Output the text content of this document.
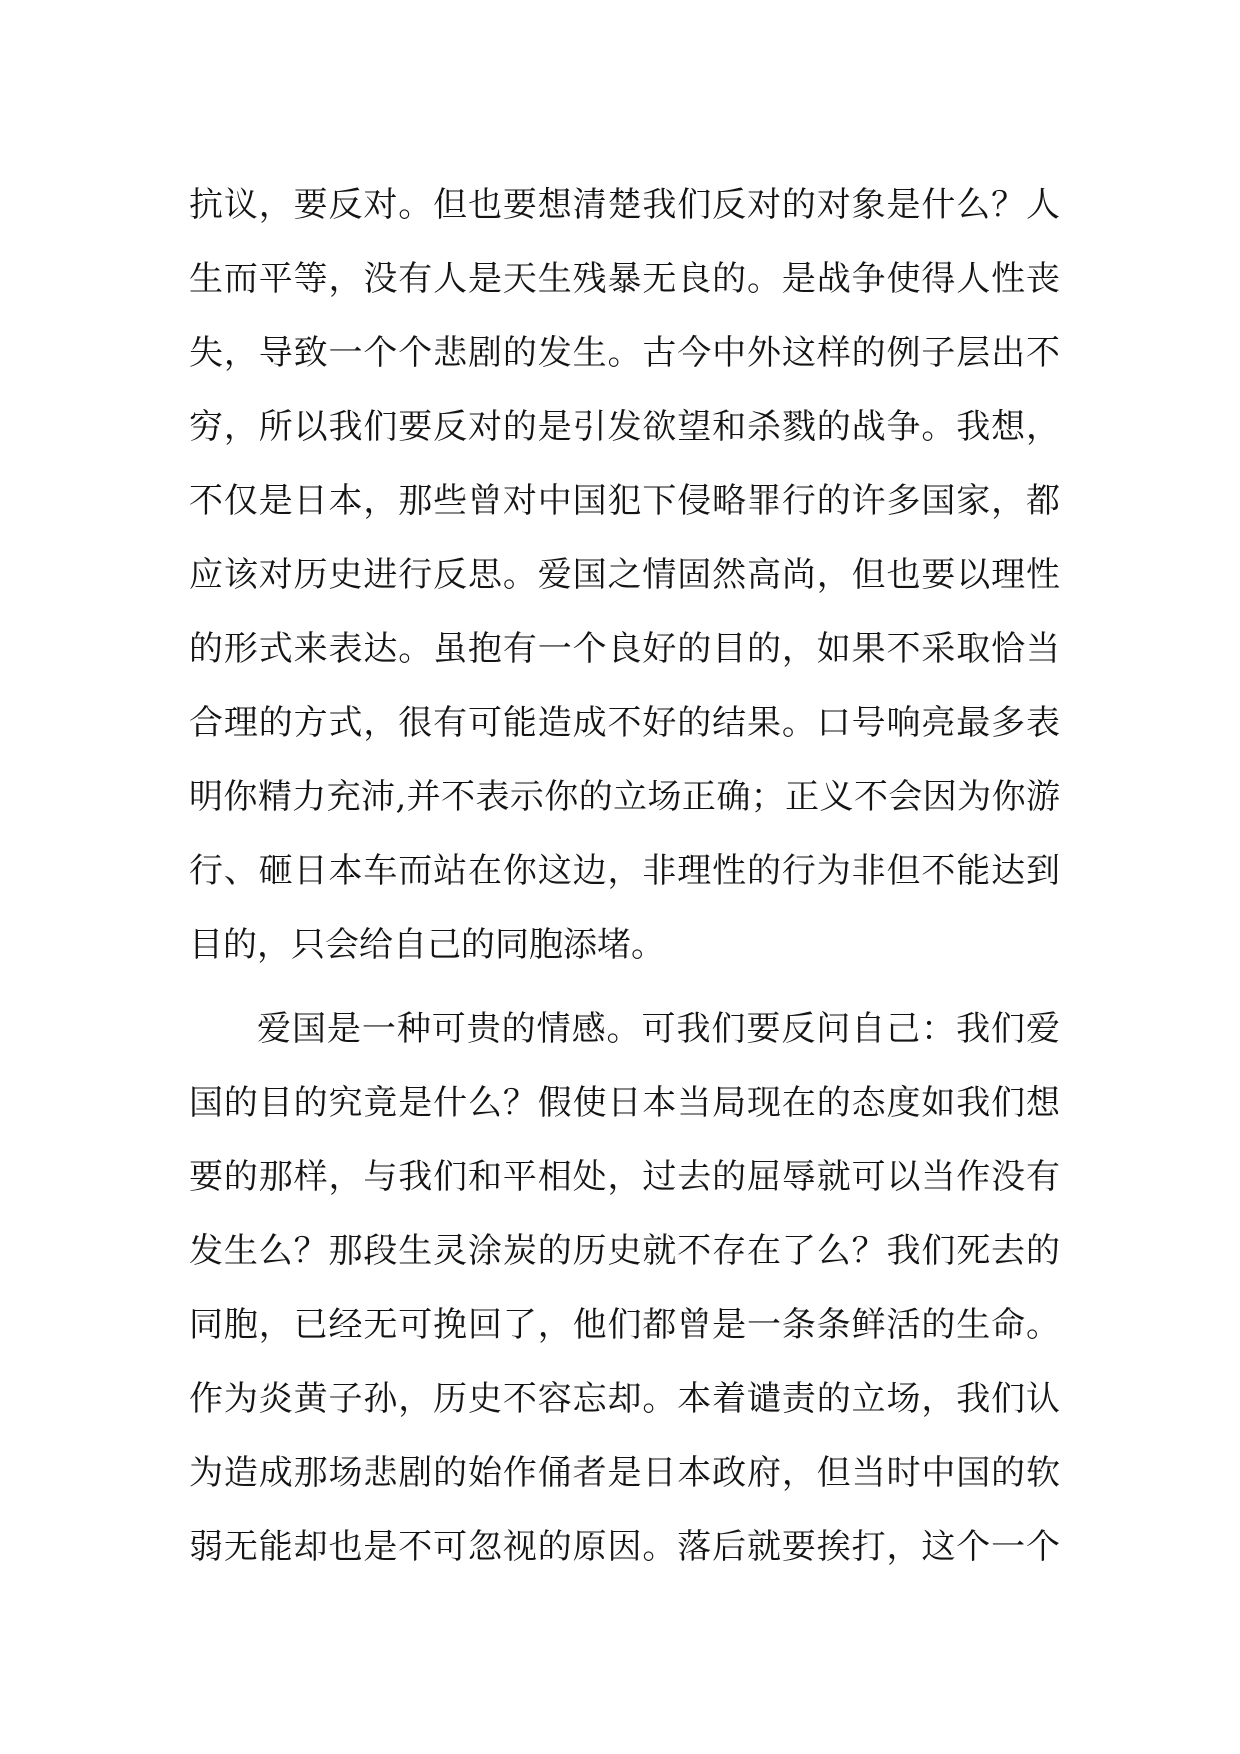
抗议，要反对。但也要想清楚我们反对的对象是什么？人
生而平等，没有人是天生残暴无良的。是战争使得人性丧
失，导致一个个悲剧的发生。古今中外这样的例子层出不
穷，所以我们要反对的是引发欲望和杀戮的战争。我想，
不仅是日本，那些曾对中国犯下侵略罪行的许多国家，都
应该对历史进行反思。爱国之情固然高尚，但也要以理性
的形式来表达。虽抱有一个良好的目的，如果不采取恰当
合理的方式，很有可能造成不好的结果。口号响亮最多表
明你精力充沛,并不表示你的立场正确；正义不会因为你游
行、砸日本车而站在你这边，非理性的行为非但不能达到
目的，只会给自己的同胞添堵。
爱国是一种可贵的情感。可我们要反问自己：我们爱
国的目的究竟是什么？假使日本当局现在的态度如我们想
要的那样，与我们和平相处，过去的屈辱就可以当作没有
发生么？那段生灵涂炭的历史就不存在了么？我们死去的
同胞，已经无可挽回了，他们都曾是一条条鲜活的生命。
作为炎黄子孙，历史不容忘却。本着谴责的立场，我们认
为造成那场悲剧的始作俑者是日本政府，但当时中国的软
弱无能却也是不可忽视的原因。落后就要挨打，这个一个
